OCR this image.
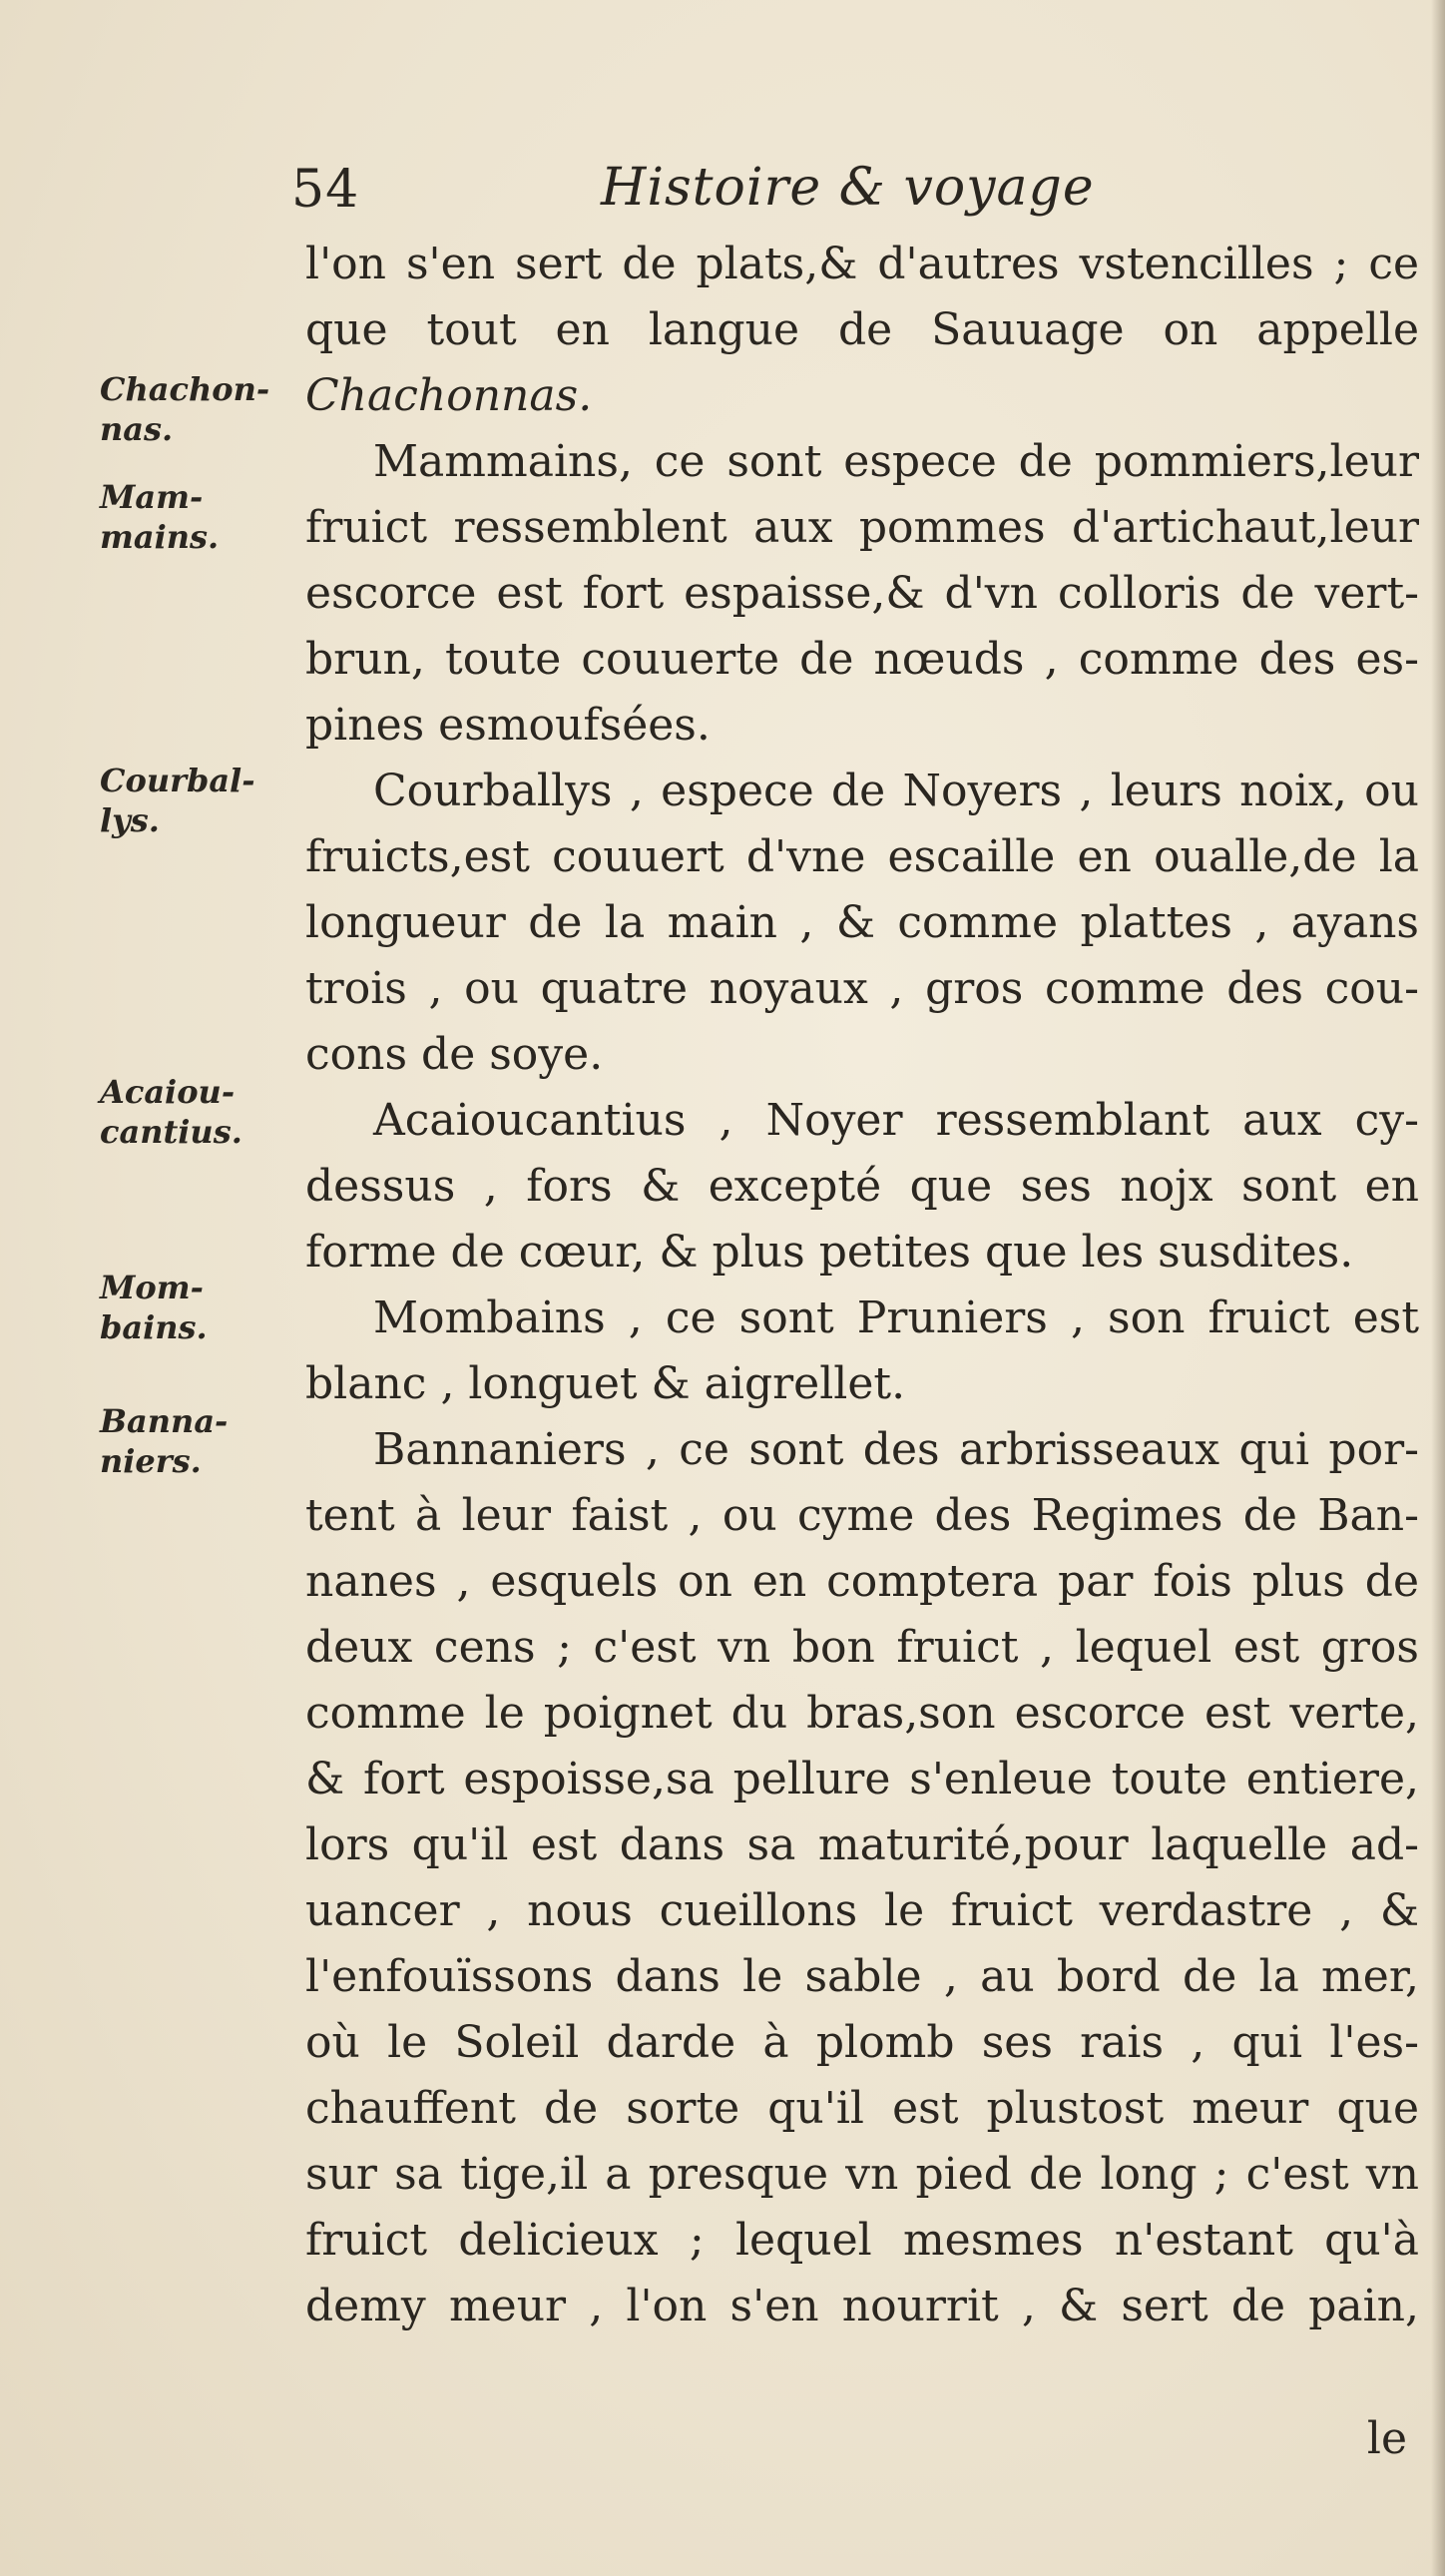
54	Histoire & voyage
Chachon-
nas.
Mam-
mains.
Courbal-
lys.
Acaiou-
cantius.
Mom-
bains.
Banna-
niers.
l'on s'en sert de plats,& d'autres vstencilles ; ce
que tout en langue de Sauuage on appelle
Chachonnas.
Mammains, ce sont espece de pommiers,leur
fruict ressemblent aux pommes d'artichaut,leur
escorce est fort espaisse,& d'vn colloris de vert-
brun, toute couuerte de nœuds , comme des es-
pines esmoufsées.
Courballys , espece de Noyers , leurs noix, ou
fruicts,est couuert d'vne escaille en oualle,de la
longueur de la main , & comme plattes , ayans
trois , ou quatre noyaux , gros comme des cou-
cons de soye.
Acaioucantius , Noyer ressemblant aux cy-
dessus , fors & excepté que ses nojx sont en
forme de cœur, & plus petites que les susdites.
Mombains , ce sont Pruniers , son fruict est
blanc , longuet & aigrellet.
Bannaniers , ce sont des arbrisseaux qui por-
tent à leur faist , ou cyme des Regimes de Ban-
nanes , esquels on en comptera par fois plus de
deux cens ; c'est vn bon fruict , lequel est gros
comme le poignet du bras,son escorce est verte,
& fort espoisse,sa pellure s'enleue toute entiere,
lors qu'il est dans sa maturité,pour laquelle ad-
uancer , nous cueillons le fruict verdastre , &
l'enfouïssons dans le sable , au bord de la mer,
où le Soleil darde à plomb ses rais , qui l'es-
chauffent de sorte qu'il est plustost meur que
sur sa tige,il a presque vn pied de long ; c'est vn
fruict delicieux ; lequel mesmes n'estant qu'à
demy meur , l'on s'en nourrit , & sert de pain,
le
